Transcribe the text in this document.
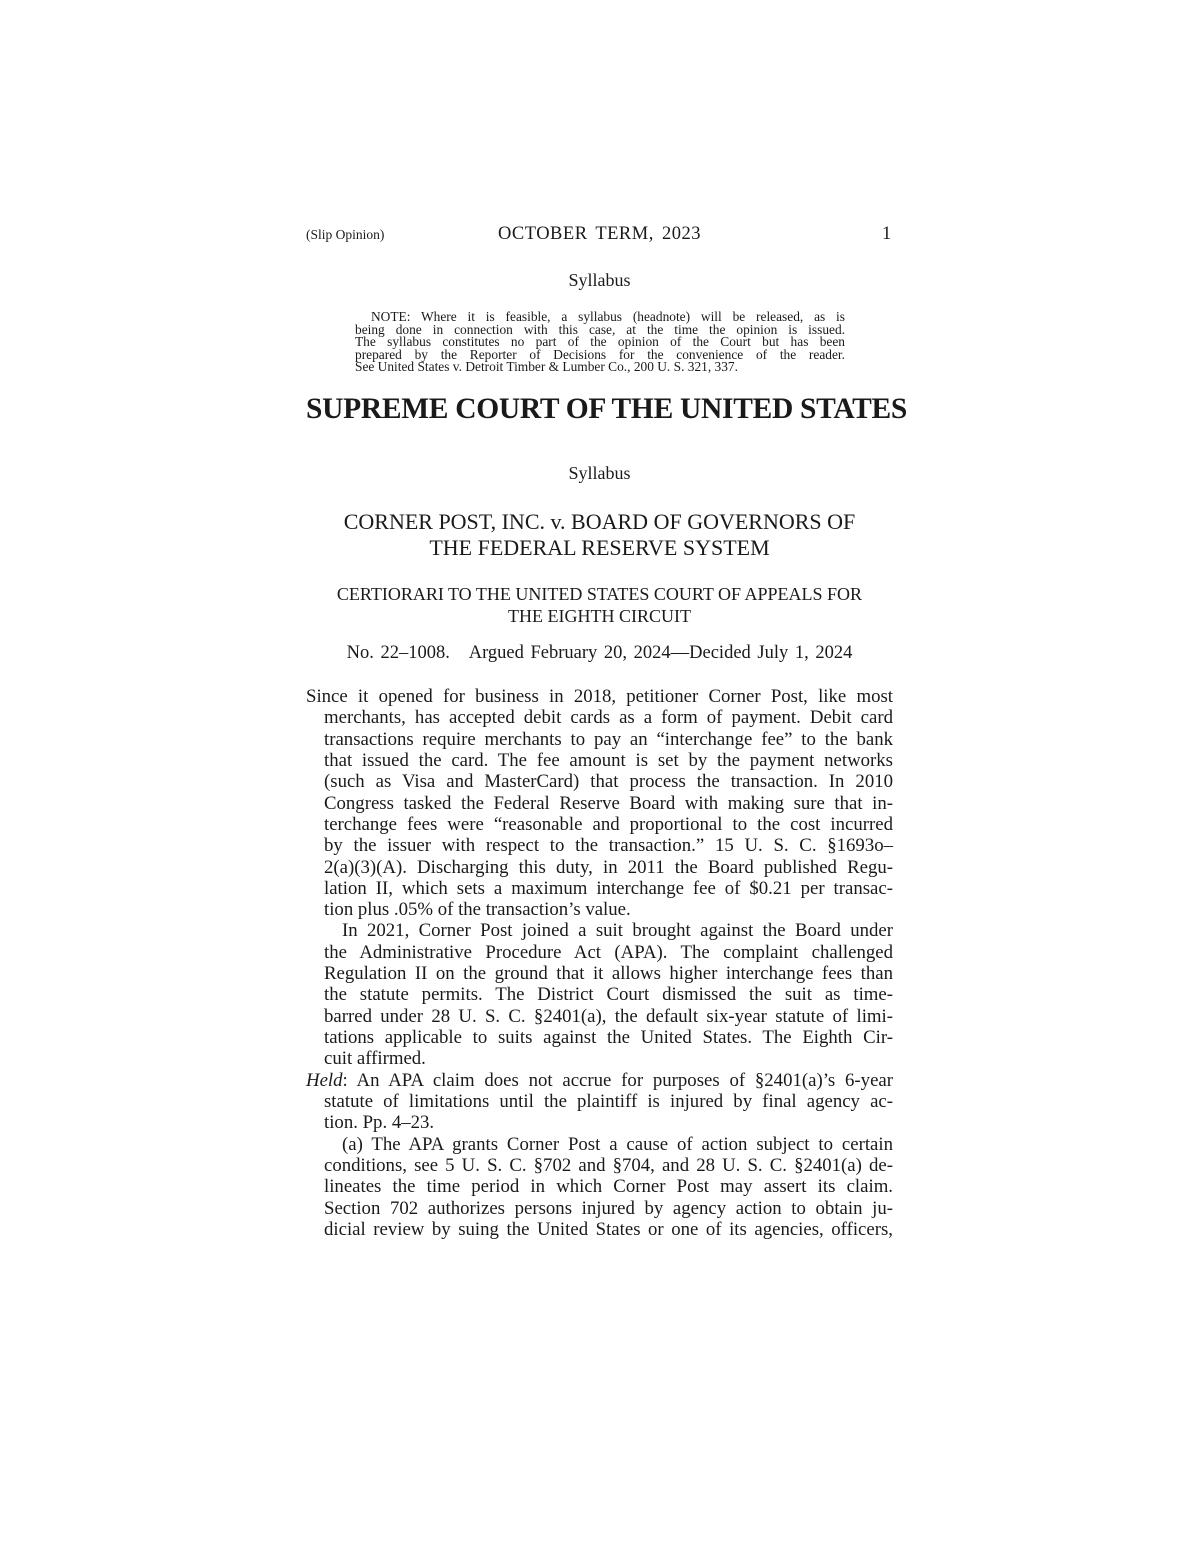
(Slip Opinion)	OCTOBER TERM, 2023	1
Syllabus
NOTE: Where it is feasible, a syllabus (headnote) will be released, as is
being done in connection with this case, at the time the opinion is issued.
The syllabus constitutes no part of the opinion of the Court but has been
prepared by the Reporter of Decisions for the convenience of the reader.
See United States v. Detroit Timber & Lumber Co., 200 U. S. 321, 337.
SUPREME COURT OF THE UNITED STATES
Syllabus
CORNER POST, INC. v. BOARD OF GOVERNORS OF
THE FEDERAL RESERVE SYSTEM
CERTIORARI TO THE UNITED STATES COURT OF APPEALS FOR
THE EIGHTH CIRCUIT
No. 22–1008.   Argued February 20, 2024—Decided July 1, 2024
Since it opened for business in 2018, petitioner Corner Post, like most
merchants, has accepted debit cards as a form of payment. Debit card
transactions require merchants to pay an “interchange fee” to the bank
that issued the card. The fee amount is set by the payment networks
(such as Visa and MasterCard) that process the transaction. In 2010
Congress tasked the Federal Reserve Board with making sure that in-
terchange fees were “reasonable and proportional to the cost incurred
by the issuer with respect to the transaction.” 15 U. S. C. §1693o–
2(a)(3)(A). Discharging this duty, in 2011 the Board published Regu-
lation II, which sets a maximum interchange fee of $0.21 per transac-
tion plus .05% of the transaction’s value.
In 2021, Corner Post joined a suit brought against the Board under
the Administrative Procedure Act (APA). The complaint challenged
Regulation II on the ground that it allows higher interchange fees than
the statute permits. The District Court dismissed the suit as time-
barred under 28 U. S. C. §2401(a), the default six-year statute of limi-
tations applicable to suits against the United States. The Eighth Cir-
cuit affirmed.
Held: An APA claim does not accrue for purposes of §2401(a)’s 6-year
statute of limitations until the plaintiff is injured by final agency ac-
tion. Pp. 4–23.
(a) The APA grants Corner Post a cause of action subject to certain
conditions, see 5 U. S. C. §702 and §704, and 28 U. S. C. §2401(a) de-
lineates the time period in which Corner Post may assert its claim.
Section 702 authorizes persons injured by agency action to obtain ju-
dicial review by suing the United States or one of its agencies, officers,
